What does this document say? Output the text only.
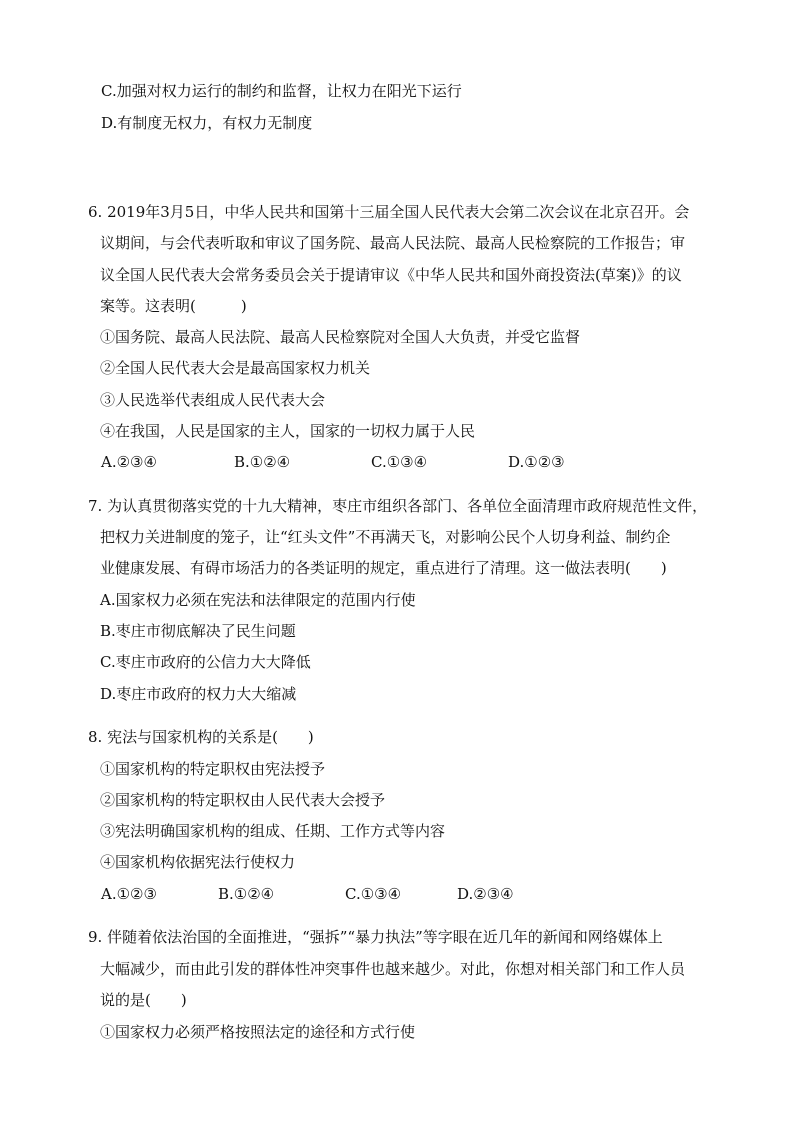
C.加强对权力运行的制约和监督，让权力在阳光下运行
D.有制度无权力，有权力无制度
6. 2019年3月5日，中华人民共和国第十三届全国人民代表大会第二次会议在北京召开。会
议期间，与会代表听取和审议了国务院、最高人民法院、最高人民检察院的工作报告；审
议全国人民代表大会常务委员会关于提请审议《中华人民共和国外商投资法(草案)》的议
案等。这表明(　　　)
①国务院、最高人民法院、最高人民检察院对全国人大负责，并受它监督
②全国人民代表大会是最高国家权力机关
③人民选举代表组成人民代表大会
④在我国，人民是国家的主人，国家的一切权力属于人民
A.②③④	B.①②④	C.①③④	D.①②③
7. 为认真贯彻落实党的十九大精神，枣庄市组织各部门、各单位全面清理市政府规范性文件，
把权力关进制度的笼子，让“红头文件”不再满天飞，对影响公民个人切身利益、制约企
业健康发展、有碍市场活力的各类证明的规定，重点进行了清理。这一做法表明(　　)
A.国家权力必须在宪法和法律限定的范围内行使
B.枣庄市彻底解决了民生问题
C.枣庄市政府的公信力大大降低
D.枣庄市政府的权力大大缩减
8. 宪法与国家机构的关系是(　　)
①国家机构的特定职权由宪法授予
②国家机构的特定职权由人民代表大会授予
③宪法明确国家机构的组成、任期、工作方式等内容
④国家机构依据宪法行使权力
A.①②③	B.①②④	C.①③④	D.②③④
9. 伴随着依法治国的全面推进，“强拆”“暴力执法”等字眼在近几年的新闻和网络媒体上
大幅减少，而由此引发的群体性冲突事件也越来越少。对此，你想对相关部门和工作人员
说的是(　　)
①国家权力必须严格按照法定的途径和方式行使
